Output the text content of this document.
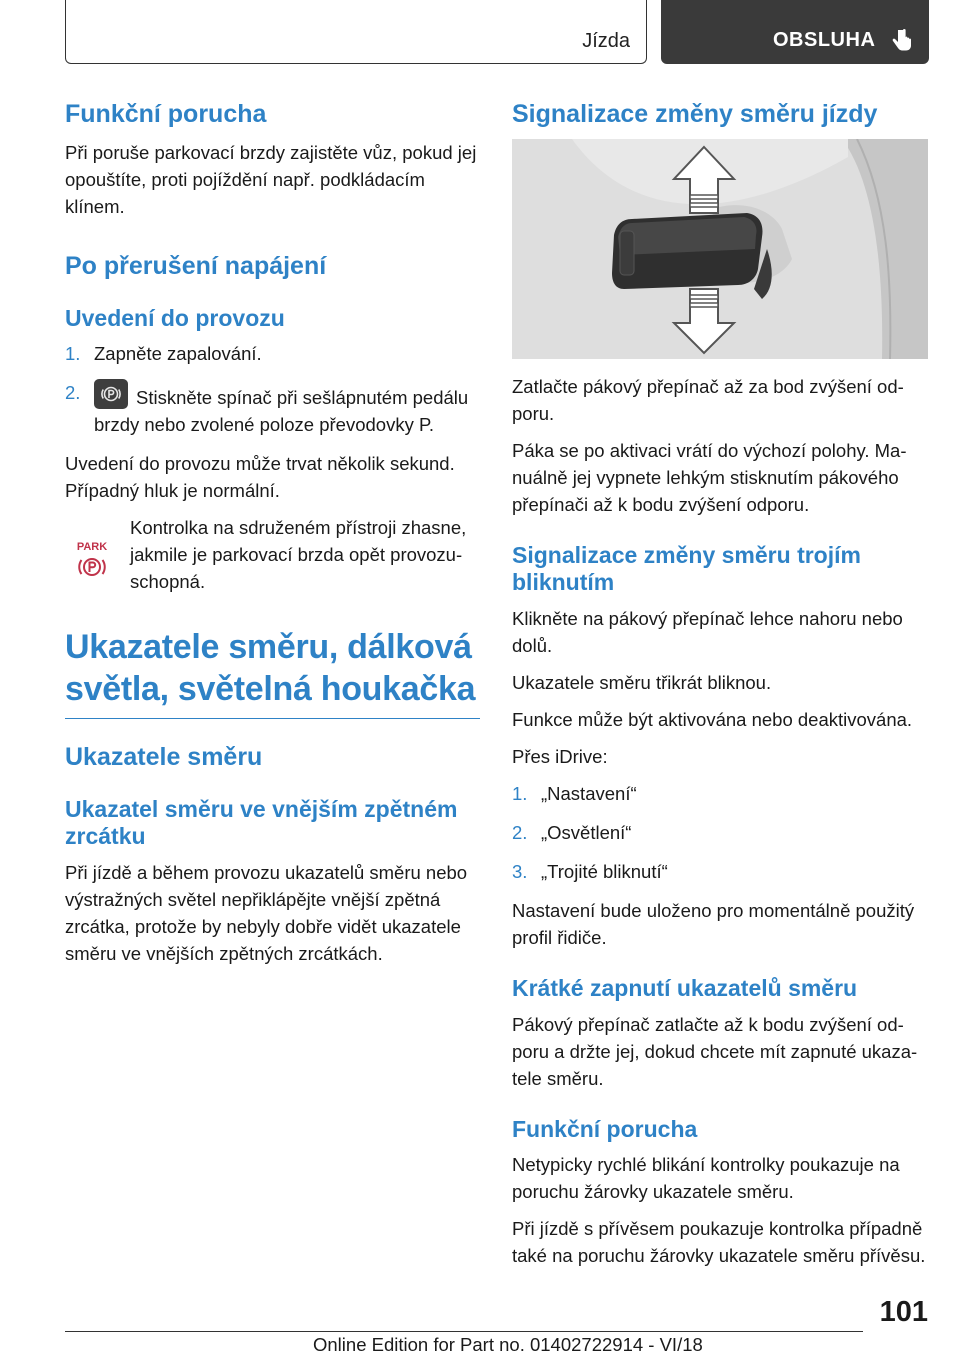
Jízda	OBSLUHA
Funkční porucha

Při poruše parkovací brzdy zajistěte vůz, pokud jej opouštíte, proti pojíždění např. podkládacím klínem.

Po přerušení napájení
Uvedení do provozu
1. Zapněte zapalování.
2.	Stiskněte spínač při sešlápnutém pedálu brzdy nebo zvolené poloze převodovky P.

Uvedení do provozu může trvat několik sekund. Případný hluk je normální.

PARK

Kontrolka na sdruženém přístroji zhasne, jakmile je parkovací brzda opět provozuschopná.

Ukazatele směru, dálková světla, světelná houkačka
Ukazatele směru
Ukazatel směru ve vnějším zpětném zrcátku

Při jízdě a během provozu ukazatelů směru nebo výstražných světel nepřiklápějte vnější zpětná zrcátka, protože by nebyly dobře vidět ukazatele směru ve vnějších zpětných zrcátkách.

Signalizace změny směru jízdy

Zatlačte pákový přepínač až za bod zvýšení odporu.

Páka se po aktivaci vrátí do výchozí polohy. Manuálně jej vypnete lehkým stisknutím pákového přepínači až k bodu zvýšení odporu.

Signalizace změny směru trojím bliknutím

Klikněte na pákový přepínač lehce nahoru nebo dolů.

Ukazatele směru třikrát bliknou.

Funkce může být aktivována nebo deaktivována.

Přes iDrive:

1. „Nastavení“
2. „Osvětlení“
3. „Trojité bliknutí“

Nastavení bude uloženo pro momentálně použitý profil řidiče.

Krátké zapnutí ukazatelů směru

Pákový přepínač zatlačte až k bodu zvýšení odporu a držte jej, dokud chcete mít zapnuté ukazatele směru.

Funkční porucha

Netypicky rychlé blikání kontrolky poukazuje na poruchu žárovky ukazatele směru.

Při jízdě s přívěsem poukazuje kontrolka případně také na poruchu žárovky ukazatele směru přívěsu.

101
Online Edition for Part no. 01402722914 - VI/18
